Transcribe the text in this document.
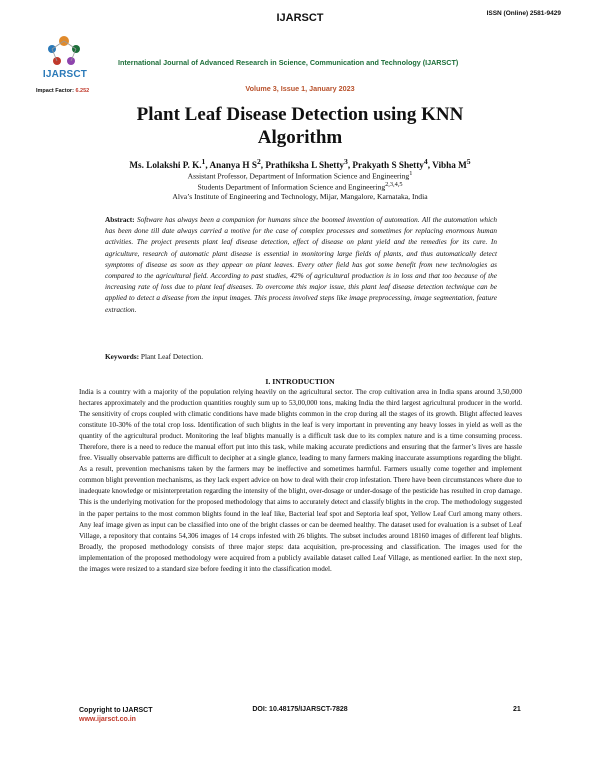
IJARSCT	ISSN (Online) 2581-9429
IJARSCT
Impact Factor: 6.252
International Journal of Advanced Research in Science, Communication and Technology (IJARSCT)
Volume 3, Issue 1, January 2023
Plant Leaf Disease Detection using KNN
Algorithm
Ms. Lolakshi P. K.$^1$, Ananya H $S^2$, Prathiksha L Shetty$^3$, Prakyath S Shetty$^4$, Vibha $M^5$
Assistant Professor, Department of Information Science and Engineering$^1$
Students Department of Information Science and Engineering$^{2,3,4,5}$
Alva’s Institute of Engineering and Technology, Mijar, Mangalore, Karnataka, India
Abstract: Software has always been a companion for humans since the boomed invention of automation. All the automation which has been done till date always carried a motive for the case of complex processes and sometimes for replacing enormous human activities. The project presents plant leaf disease detection, effect of disease on plant yield and the remedies for its cure. In agriculture, research of automatic plant disease is essential in monitoring large fields of plants, and thus automatically detect symptoms of disease as soon as they appear on plant leaves. Every other field has got some benefit from new technologies as compared to the agricultural field. According to past studies, 42% of agricultural production is in loss and that too because of the increasing rate of loss due to plant leaf diseases. To overcome this major issue, this plant leaf disease detection technique can be applied to detect a disease from the input images. This process involved steps like image preprocessing, image segmentation, feature extraction.
Keywords: Plant Leaf Detection.
I. INTRODUCTION
India is a country with a majority of the population relying heavily on the agricultural sector. The crop cultivation area in India spans around 3,50,000 hectares approximately and the production quantities roughly sum up to 53,00,000 tons, making India the third largest agricultural producer in the world. The sensitivity of crops coupled with climatic conditions have made blights common in the crop during all the stages of its growth. Blight affected leaves constitute 10-30% of the total crop loss. Identification of such blights in the leaf is very important in preventing any heavy losses in yield as well as the quantity of the agricultural product. Monitoring the leaf blights manually is a difficult task due to its complex nature and is a time consuming process. Therefore, there is a need to reduce the manual effort put into this task, while making accurate predictions and ensuring that the farmer’s lives are hassle free. Visually observable patterns are difficult to decipher at a single glance, leading to many farmers making inaccurate assumptions regarding the blight. As a result, prevention mechanisms taken by the farmers may be ineffective and sometimes harmful. Farmers usually come together and implement common blight prevention mechanisms, as they lack expert advice on how to deal with their crop infestation. There have been circumstances where due to inadequate knowledge or misinterpretation regarding the intensity of the blight, over-dosage or under-dosage of the pesticide has resulted in crop damage. This is the underlying motivation for the proposed methodology that aims to accurately detect and classify blights in the crop. The methodology suggested in the paper pertains to the most common blights found in the leaf like, Bacterial leaf spot and Septoria leaf spot, Yellow Leaf Curl among many others. Any leaf image given as input can be classified into one of the bright classes or can be deemed healthy. The dataset used for evaluation is a subset of Leaf Village, a repository that contains 54,306 images of 14 crops infested with 26 blights. The subset includes around 18160 images of different leaf blights. Broadly, the proposed methodology consists of three major steps: data acquisition, pre-processing and classification. The images used for the implementation of the proposed methodology were acquired from a publicly available dataset called Leaf Village, as mentioned earlier. In the next step, the images were resized to a standard size before feeding it into the classification model.
Copyright to IJARSCT
www.ijarsct.co.in
DOI: 10.48175/IJARSCT-7828	21
